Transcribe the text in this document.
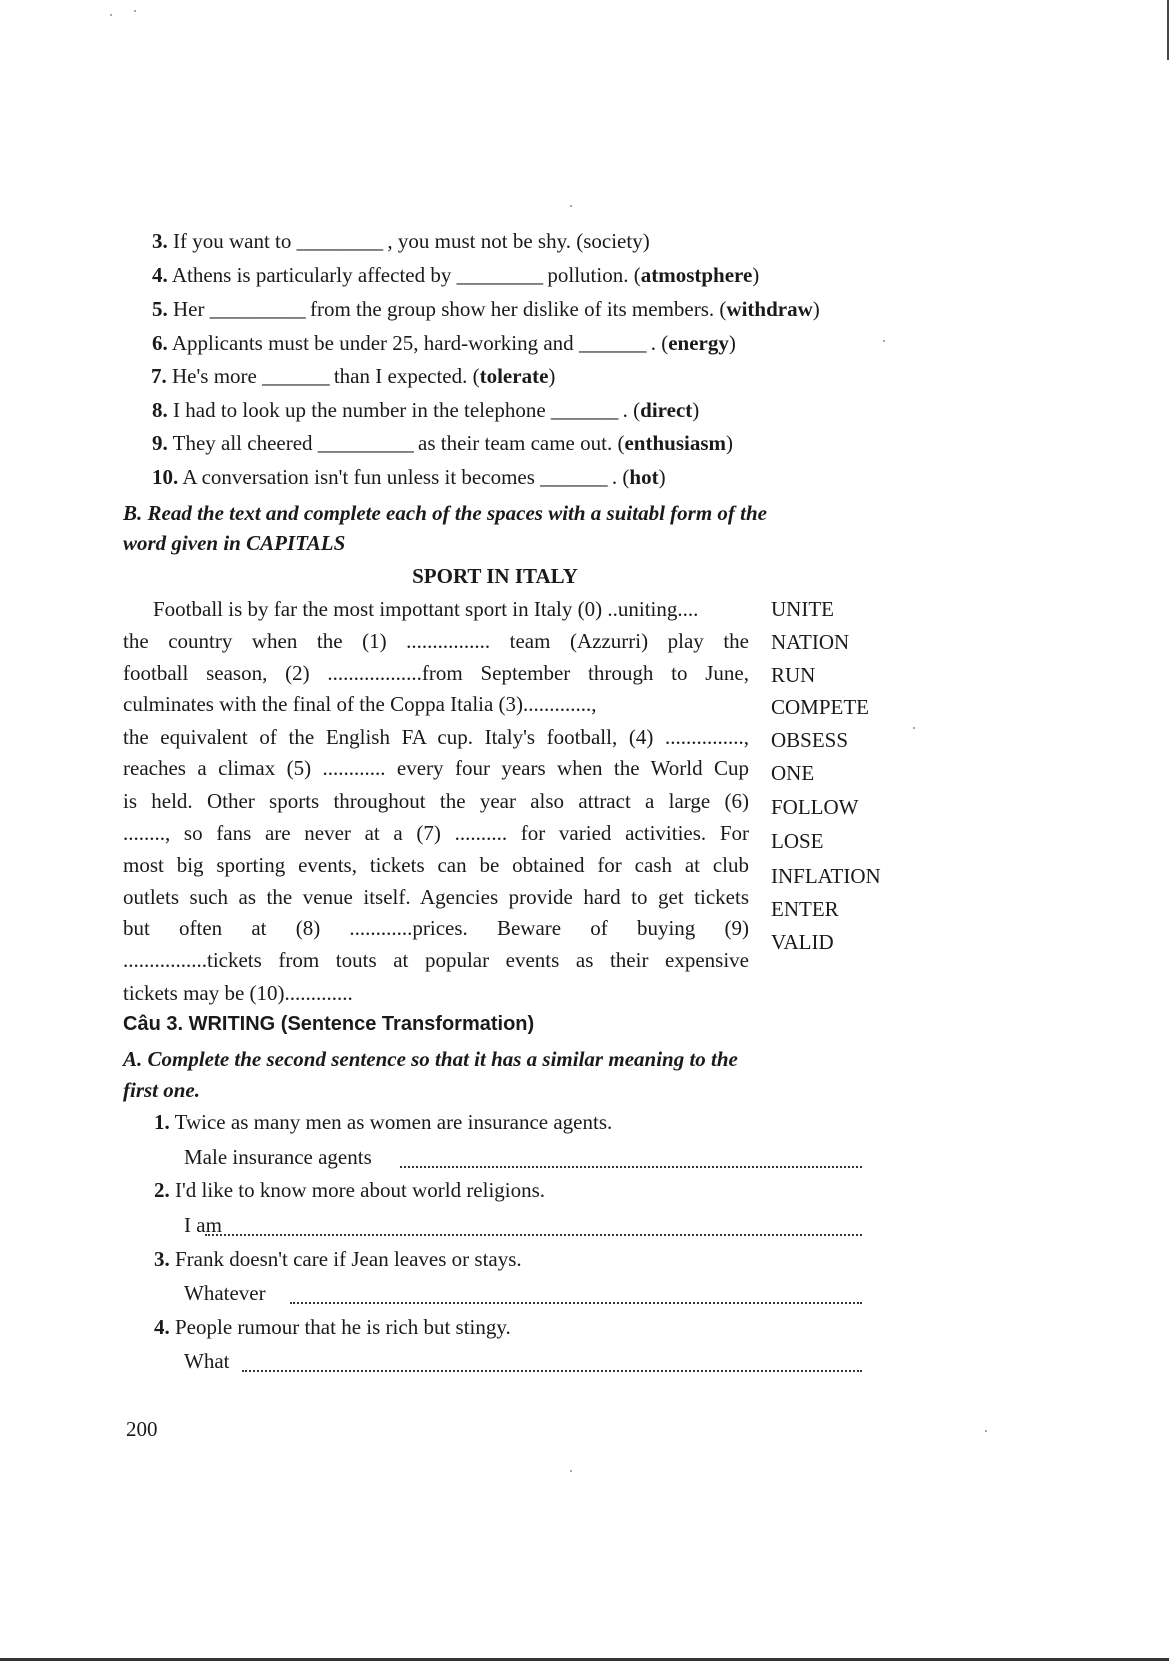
3. If you want to _________ , you must not be shy. (society)
4. Athens is particularly affected by _________ pollution. (atmostphere)
5. Her __________ from the group show her dislike of its members. (withdraw)
6. Applicants must be under 25, hard-working and _______ . (energy)
7. He's more _______ than I expected. (tolerate)
8. I had to look up the number in the telephone _______ . (direct)
9. They all cheered __________ as their team came out. (enthusiasm)
10. A conversation isn't fun unless it becomes _______ . (hot)
B. Read the text and complete each of the spaces with a suitabl form of the
word given in CAPITALS
SPORT IN ITALY
Football is by far the most impottant sport in Italy (0) ..uniting....
the country when the (1) ................ team (Azzurri) play the
football season, (2) ..................from September through to June,
culminates with the final of the Coppa Italia (3).............,
the equivalent of the English FA cup. Italy's football, (4) ...............,
reaches a climax (5) ............ every four years when the World Cup
is held. Other sports throughout the year also attract a large (6)
........, so fans are never at a (7) .......... for varied activities. For
most big sporting events, tickets can be obtained for cash at club
outlets such as the venue itself. Agencies provide hard to get tickets
but often at (8) ............prices. Beware of buying (9)
................tickets from touts at popular events as their expensive
tickets may be (10).............
UNITE
NATION
RUN
COMPETE
OBSESS
ONE
FOLLOW
LOSE
INFLATION
ENTER
VALID
Câu 3. WRITING (Sentence Transformation)
A. Complete the second sentence so that it has a similar meaning to the
first one.
1. Twice as many men as women are insurance agents.
Male insurance agents
2. I'd like to know more about world religions.
I am
3. Frank doesn't care if Jean leaves or stays.
Whatever
4. People rumour that he is rich but stingy.
What
200
